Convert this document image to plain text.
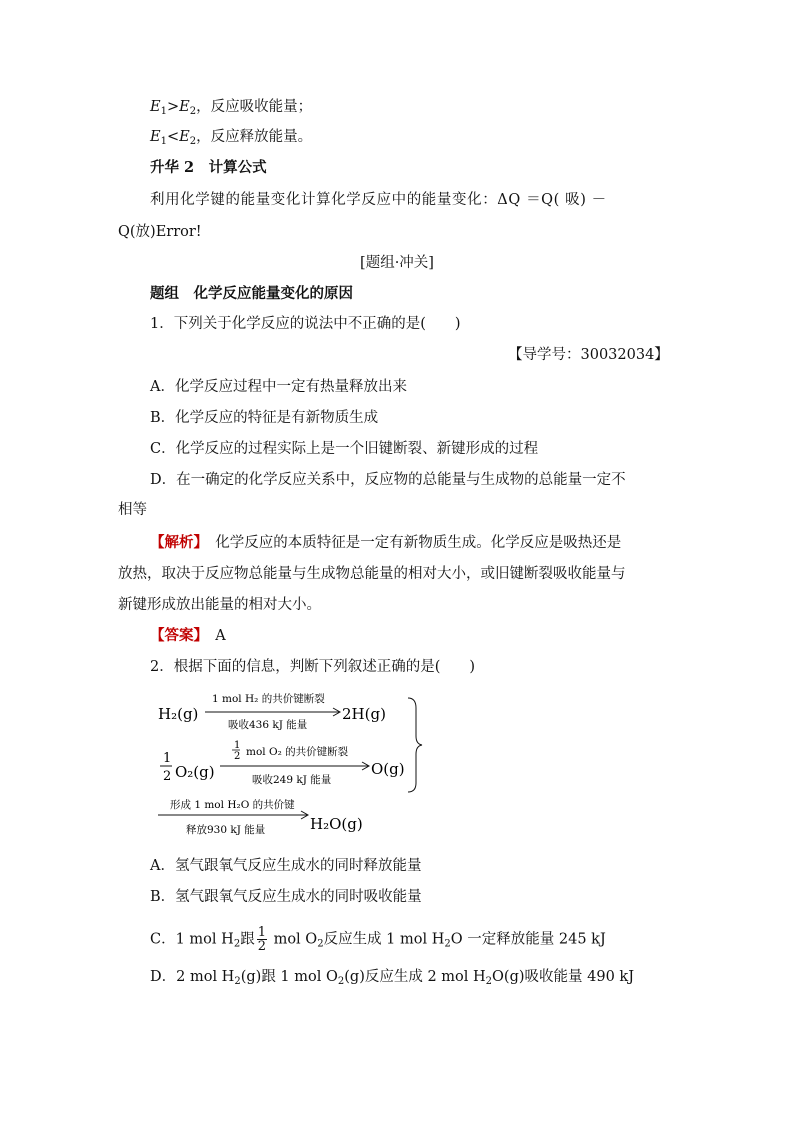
$E_1>E_2$，反应吸收能量；
$E_1<E_2$，反应释放能量。
升华 2　计算公式
利用化学键的能量变化计算化学反应中的能量变化：ΔQ ＝Q( 吸) －
Q(放)Error!
[题组·冲关]
题组　化学反应能量变化的原因
1．下列关于化学反应的说法中不正确的是(　　)
【导学号：30032034】
A．化学反应过程中一定有热量释放出来
B．化学反应的特征是有新物质生成
C．化学反应的过程实际上是一个旧键断裂、新键形成的过程
D．在一确定的化学反应关系中，反应物的总能量与生成物的总能量一定不
相等
【解析】　化学反应的本质特征是一定有新物质生成。化学反应是吸热还是
放热，取决于反应物总能量与生成物总能量的相对大小，或旧键断裂吸收能量与
新键形成放出能量的相对大小。
【答案】　 A
2．根据下面的信息，判断下列叙述正确的是(　　)
H₂(g)
1 mol H₂ 的共价键断裂
吸收436 kJ 能量
2H(g)
1
2 O₂(g)
1
2 mol O₂ 的共价键断裂
吸收249 kJ 能量
O(g)
形成 1 mol H₂O 的共价键
释放930 kJ 能量	H₂O(g)
A．氢气跟氧气反应生成水的同时释放能量
B．氢气跟氧气反应生成水的同时吸收能量
C．1 mol $H_2$跟 $\frac{1}{2}$ mol $O_2$反应生成 1 mol $H_2O$ 一定释放能量 245 kJ
D．2 mol $H_2(g)$跟 1 mol $O_2(g)$反应生成 2 mol $H_2O(g)$吸收能量 490 kJ
